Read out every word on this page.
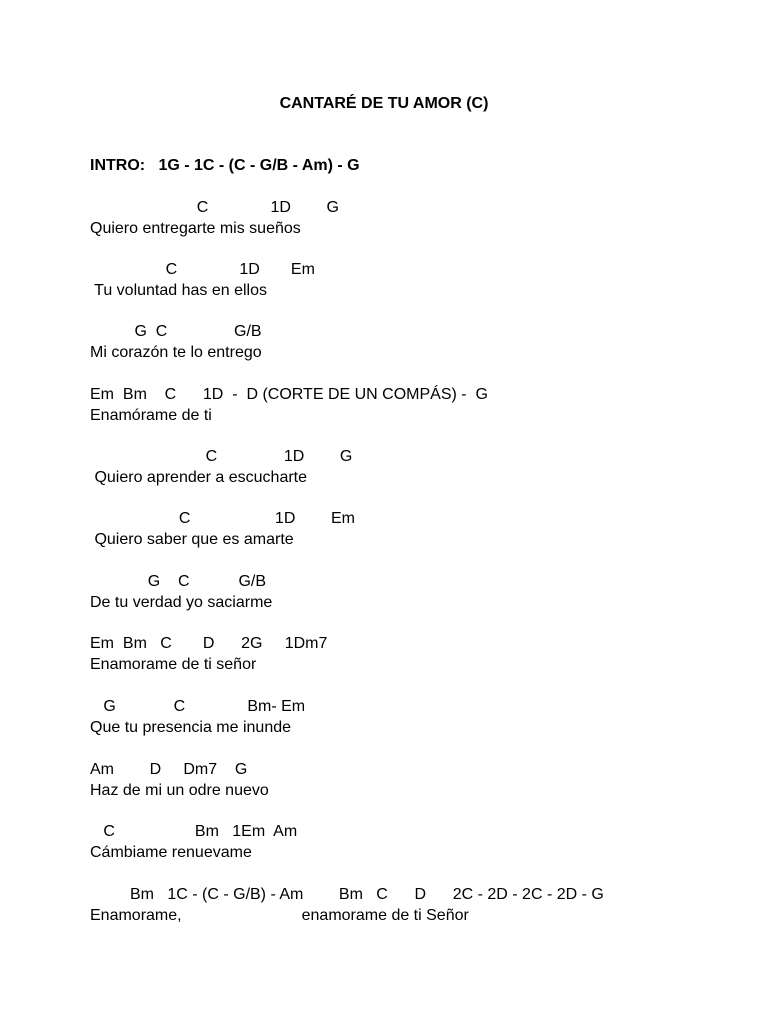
CANTARÉ DE TU AMOR (C)
INTRO:   1G - 1C - (C - G/B - Am) - G
C              1D        G
Quiero entregarte mis sueños
C              1D       Em
Tu voluntad has en ellos
G  C               G/B
Mi corazón te lo entrego
Em  Bm    C      1D  -  D (CORTE DE UN COMPÁS) -  G
Enamórame de ti
C               1D        G
Quiero aprender a escucharte
C                   1D        Em
Quiero saber que es amarte
G    C           G/B
De tu verdad yo saciarme
Em  Bm   C       D      2G     1Dm7
Enamorame de ti señor
G             C              Bm- Em
Que tu presencia me inunde
Am        D     Dm7    G
Haz de mi un odre nuevo
C                  Bm   1Em  Am
Cámbiame renuevame
Bm   1C - (C - G/B) - Am        Bm   C      D      2C - 2D - 2C - 2D - G
Enamorame,                           enamorame de ti Señor
